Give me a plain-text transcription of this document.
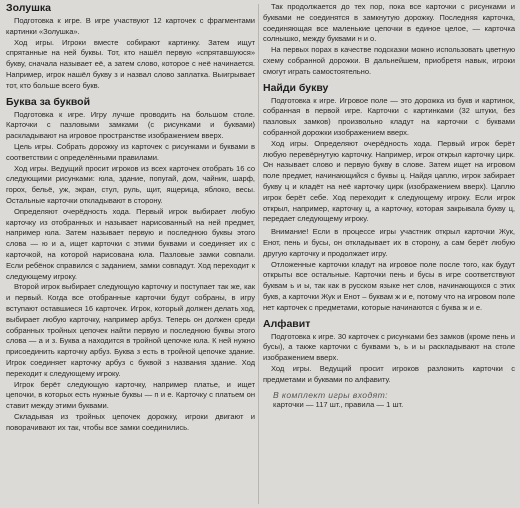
Золушка

Подготовка к игре. В игре участвуют 12 карточек с фрагментами картинки «Золушка».

Ход игры. Игроки вместе собирают картинку. Затем ищут спрятанные на ней буквы. Тот, кто нашёл первую «спрятавшуюся» букву, сначала называет её, а затем слово, которое с неё начинается. Например, игрок нашёл букву з и назвал слово заплатка. Выигрывает тот, кто больше всего букв.

Буква за буквой

Подготовка к игре. Игру лучше проводить на большом столе. Карточки с пазловыми замками (с рисунками и буквами) раскладывают на игровое пространстве изображением вверх.

Цель игры. Собрать дорожку из карточек с рисунками и буквами в соответствии с определёнными правилами.

Ход игры. Ведущий просит игроков из всех карточек отобрать 16 со следующими рисунками: юла, здание, попугай, дом, чайник, шарф, горох, бельё, уж, экран, стул, руль, щит, ящерица, яблоко, весы. Остальные карточки откладывают в сторону.

Определяют очерёдность хода. Первый игрок выбирает любую карточку из отобранных и называет нарисованный на ней предмет, например юла. Затем называет первую и последнюю буквы этого слова — ю и а, ищет карточки с этими буквами и соединяет их с карточкой, на которой нарисована юла. Пазловые замки совпали. Если ребёнок справился с заданием, замки совпадут. Ход переходит к следующему игроку.

Второй игрок выбирает следующую карточку и поступает так же, как и первый. Когда все отобранные карточки будут собраны, в игру вступают оставшиеся 16 карточек. Игрок, который должен делать ход, выбирает любую карточку, например арбуз. Теперь он должен среди собранных тройных цепочек найти первую и последнюю буквы этого слова — а и з. Буква а находится в тройной цепочке юла. К ней нужно присоединить карточку арбуз. Буква з есть в тройной цепочке здание. Игрок соединяет карточку арбуз с буквой з названия здание. Ход переходит к следующему игроку.

Игрок берёт следующую карточку, например платье, и ищет цепочки, в которых есть нужные буквы — п и е. Карточку с платьем он ставит между этими буквами.

Складывая из тройных цепочек дорожку, игроки двигают и поворачивают их так, чтобы все замки соединились.

Так продолжается до тех пор, пока все карточки с рисунками и буквами не соединятся в замкнутую дорожку. Последняя карточка, соединяющая все маленькие цепочки в единое целое, — карточка солнышко, между буквами н и о.

На первых порах в качестве подсказки можно использовать цветную схему собранной дорожки. В дальнейшем, приобретя навык, игроки смогут играть самостоятельно.

Найди букву

Подготовка к игре. Игровое поле — это дорожка из букв и картинок, собранная в первой игре. Карточки с картинками (32 штуки, без пазловых замков) произвольно кладут на карточки с буквами собранной дорожки изображением вверх.

Ход игры. Определяют очерёдность хода. Первый игрок берёт любую перевёрнутую карточку. Например, игрок открыл карточку цирк. Он называет слово и первую букву в слове. Затем ищет на игровом поле предмет, начинающийся с буквы ц. Найдя цаплю, игрок забирает букву ц и кладёт на неё карточку цирк (изображением вверх). Цаплю игрок берёт себе. Ход переходит к следующему игроку. Если игрок открыл, например, карточку ц, а карточку, которая закрывала букву ц, передает следующему игроку.

Внимание! Если в процессе игры участник открыл карточки Жук, Енот, пень и бусы, он откладывает их в сторону, а сам берёт любую другую карточку и продолжает игру.

Отложенные карточки кладут на игровое поле после того, как будут открыты все остальные. Карточки пень и бусы в игре соответствуют буквам ь и ы, так как в русском языке нет слов, начинающихся с этих букв, а карточки Жук и Енот – буквам ж и е, потому что на игровом поле нет карточек с предметами, которые начинаются с буква ж и е.

Алфавит

Подготовка к игре. 30 карточек с рисунками без замков (кроме пень и бусы), а также карточки с буквами ъ, ь и ы раскладывают на столе изображением вверх.

Ход игры. Ведущий просит игроков разложить карточки с предметами и буквами по алфавиту.

В комплект игры входят:
карточки — 117 шт., правила — 1 шт.
